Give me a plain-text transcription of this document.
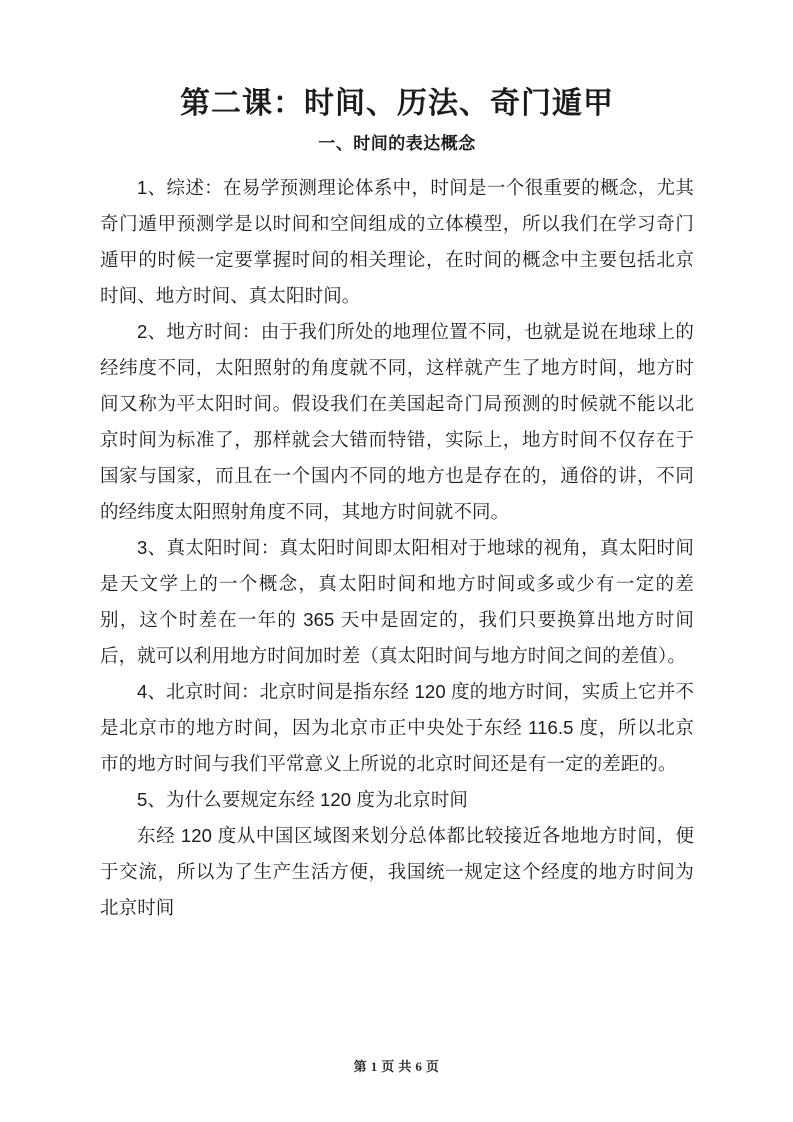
第二课：时间、历法、奇门遁甲
一、时间的表达概念

1、综述：在易学预测理论体系中，时间是一个很重要的概念，尤其奇门遁甲预测学是以时间和空间组成的立体模型，所以我们在学习奇门遁甲的时候一定要掌握时间的相关理论，在时间的概念中主要包括北京时间、地方时间、真太阳时间。

2、地方时间：由于我们所处的地理位置不同，也就是说在地球上的经纬度不同，太阳照射的角度就不同，这样就产生了地方时间，地方时间又称为平太阳时间。假设我们在美国起奇门局预测的时候就不能以北京时间为标准了，那样就会大错而特错，实际上，地方时间不仅存在于国家与国家，而且在一个国内不同的地方也是存在的，通俗的讲，不同的经纬度太阳照射角度不同，其地方时间就不同。

3、真太阳时间：真太阳时间即太阳相对于地球的视角，真太阳时间是天文学上的一个概念，真太阳时间和地方时间或多或少有一定的差别，这个时差在一年的 365 天中是固定的，我们只要换算出地方时间后，就可以利用地方时间加时差（真太阳时间与地方时间之间的差值）。

4、北京时间：北京时间是指东经 120 度的地方时间，实质上它并不是北京市的地方时间，因为北京市正中央处于东经 116.5 度，所以北京市的地方时间与我们平常意义上所说的北京时间还是有一定的差距的。

5、为什么要规定东经 120 度为北京时间

东经 120 度从中国区域图来划分总体都比较接近各地地方时间，便于交流，所以为了生产生活方便，我国统一规定这个经度的地方时间为北京时间

第 1 页 共 6 页
